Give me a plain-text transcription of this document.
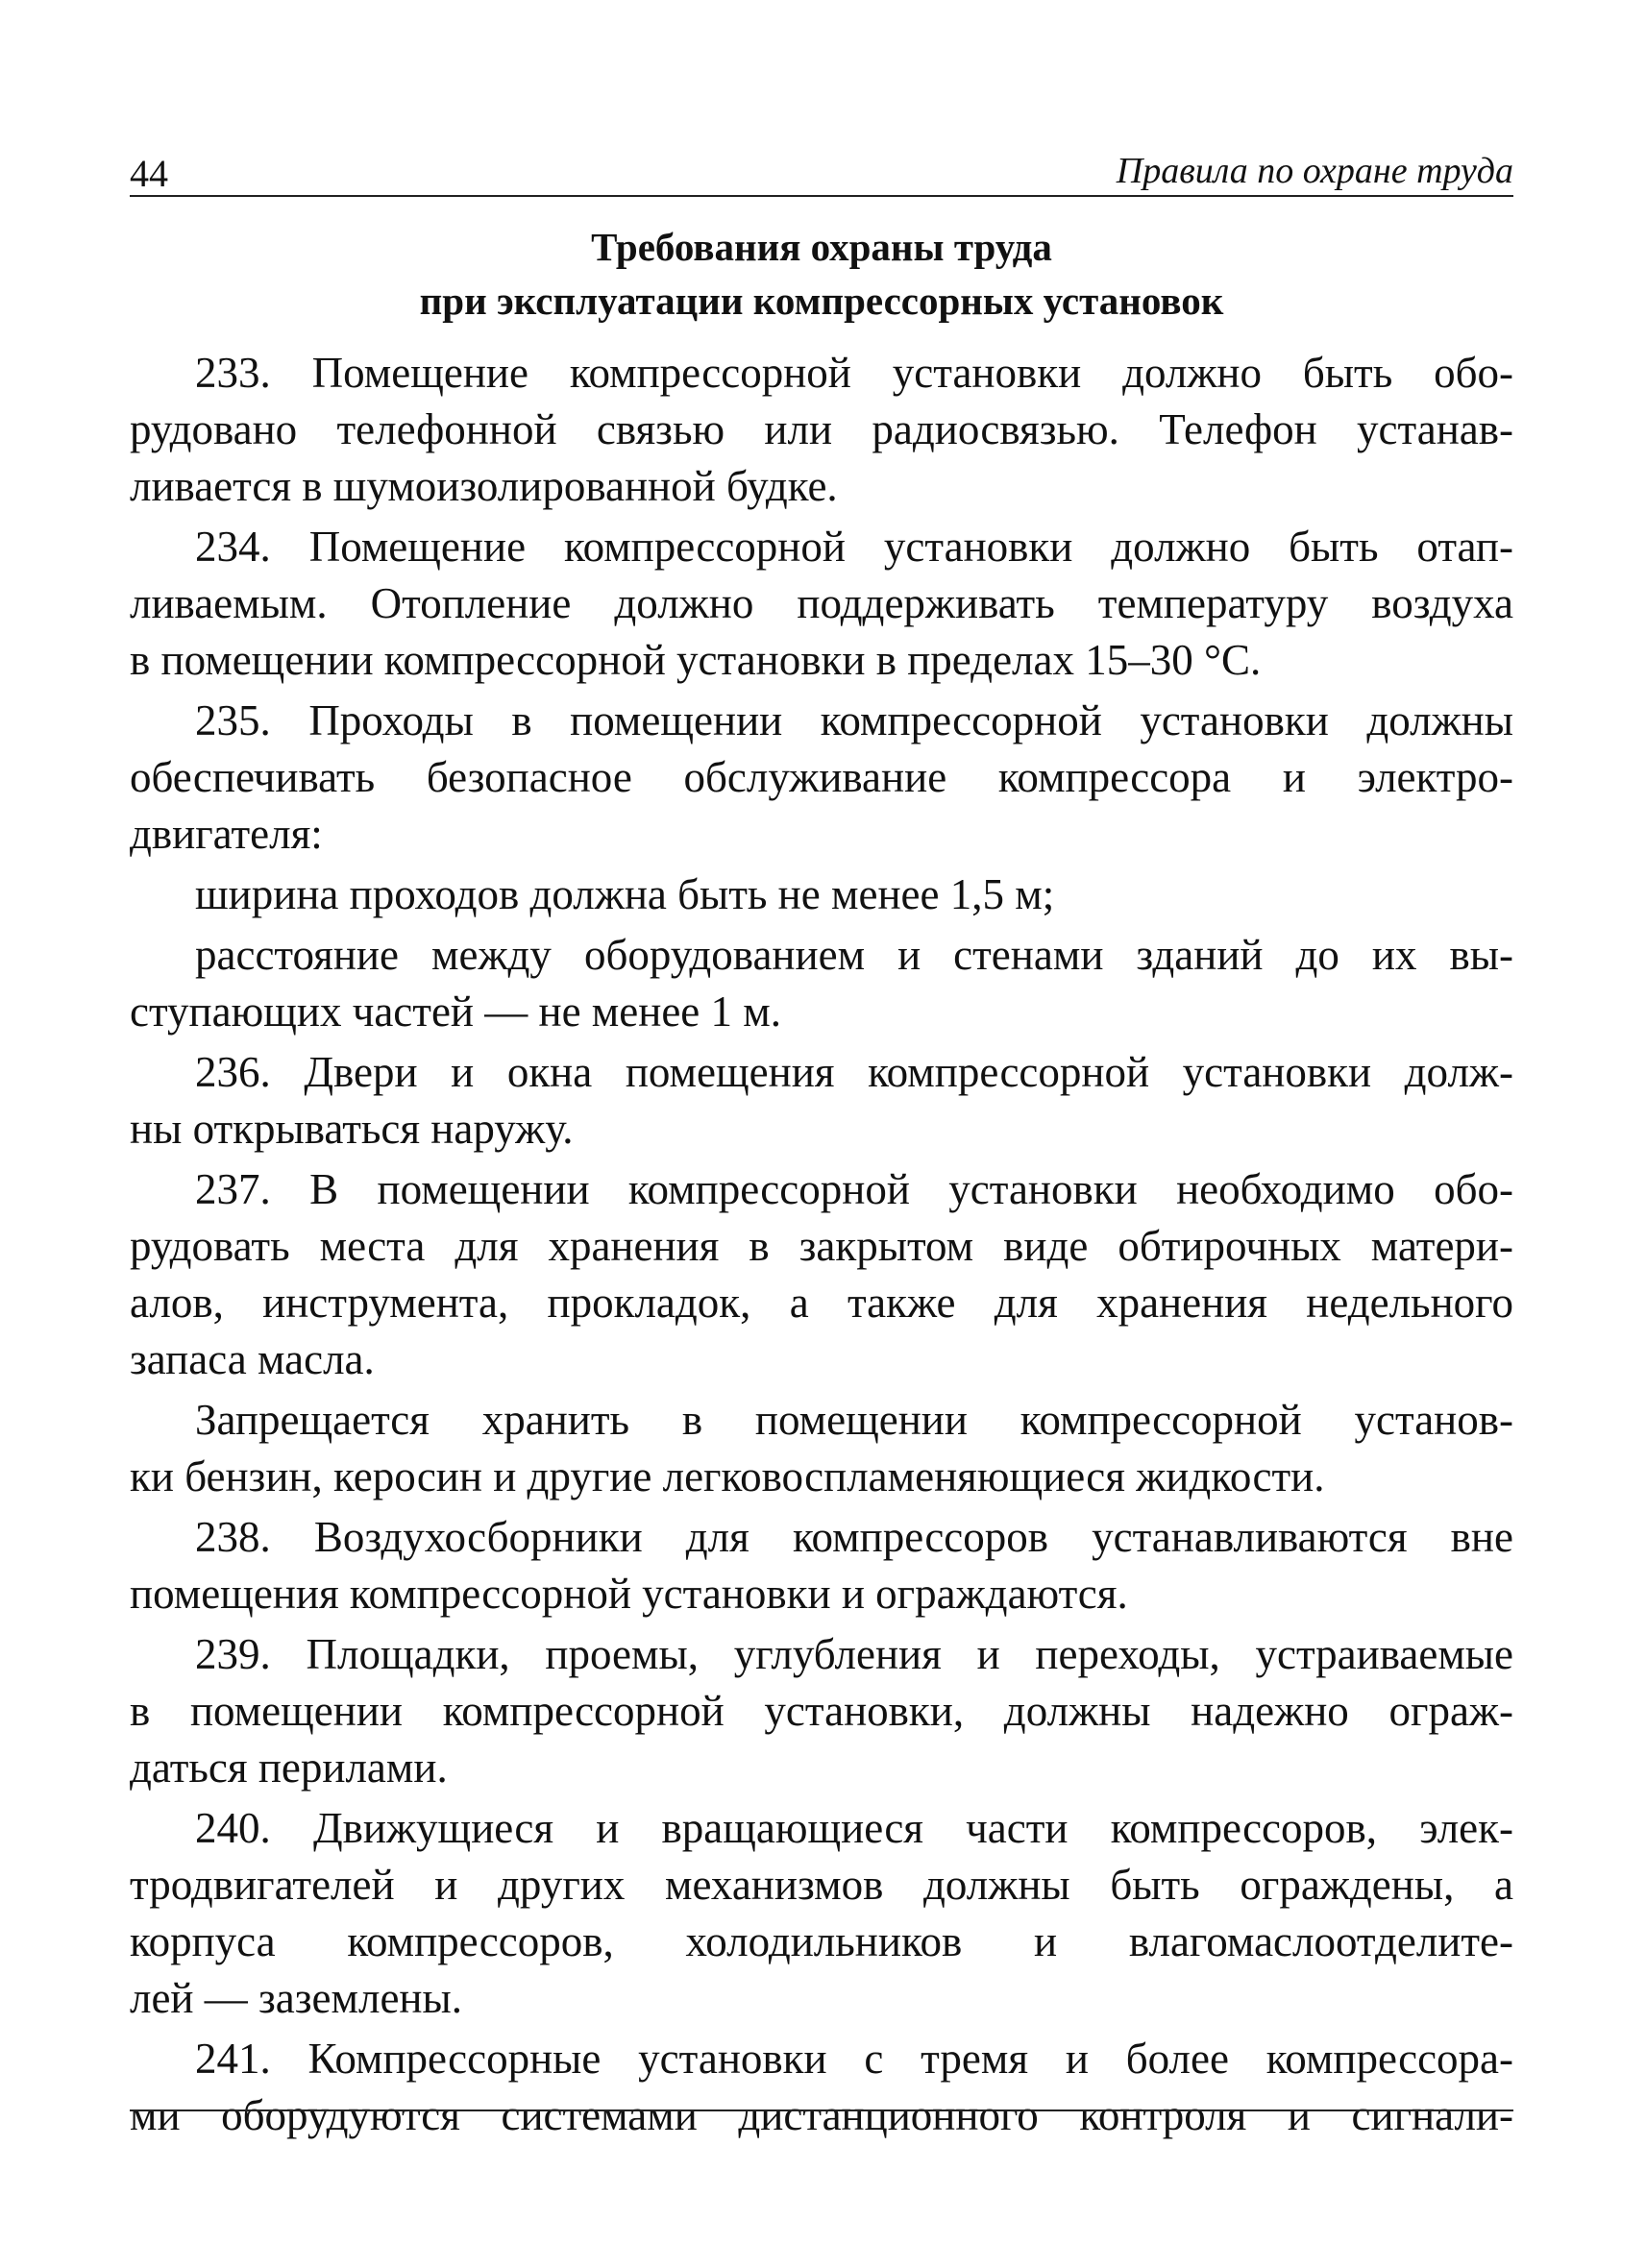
44	Правила по охране труда
Требования охраны труда
при эксплуатации компрессорных установок
233. Помещение компрессорной установки должно быть обо-
рудовано телефонной связью или радиосвязью. Телефон устанав-
ливается в шумоизолированной будке.
234. Помещение компрессорной установки должно быть отап-
ливаемым. Отопление должно поддерживать температуру воздуха
в помещении компрессорной установки в пределах 15–30 °С.
235. Проходы в помещении компрессорной установки должны
обеспечивать безопасное обслуживание компрессора и электро-
двигателя:
ширина проходов должна быть не менее 1,5 м;
расстояние между оборудованием и стенами зданий до их вы-
ступающих частей — не менее 1 м.
236. Двери и окна помещения компрессорной установки долж-
ны открываться наружу.
237. В помещении компрессорной установки необходимо обо-
рудовать места для хранения в закрытом виде обтирочных матери-
алов, инструмента, прокладок, а также для хранения недельного
запаса масла.
Запрещается хранить в помещении компрессорной установ-
ки бензин, керосин и другие легковоспламеняющиеся жидкости.
238. Воздухосборники для компрессоров устанавливаются вне
помещения компрессорной установки и ограждаются.
239. Площадки, проемы, углубления и переходы, устраиваемые
в помещении компрессорной установки, должны надежно ограж-
даться перилами.
240. Движущиеся и вращающиеся части компрессоров, элек-
тродвигателей и других механизмов должны быть ограждены, а
корпуса компрессоров, холодильников и влагомаслоотделите-
лей — заземлены.
241. Компрессорные установки с тремя и более компрессора-
ми оборудуются системами дистанционного контроля и сигнали-
